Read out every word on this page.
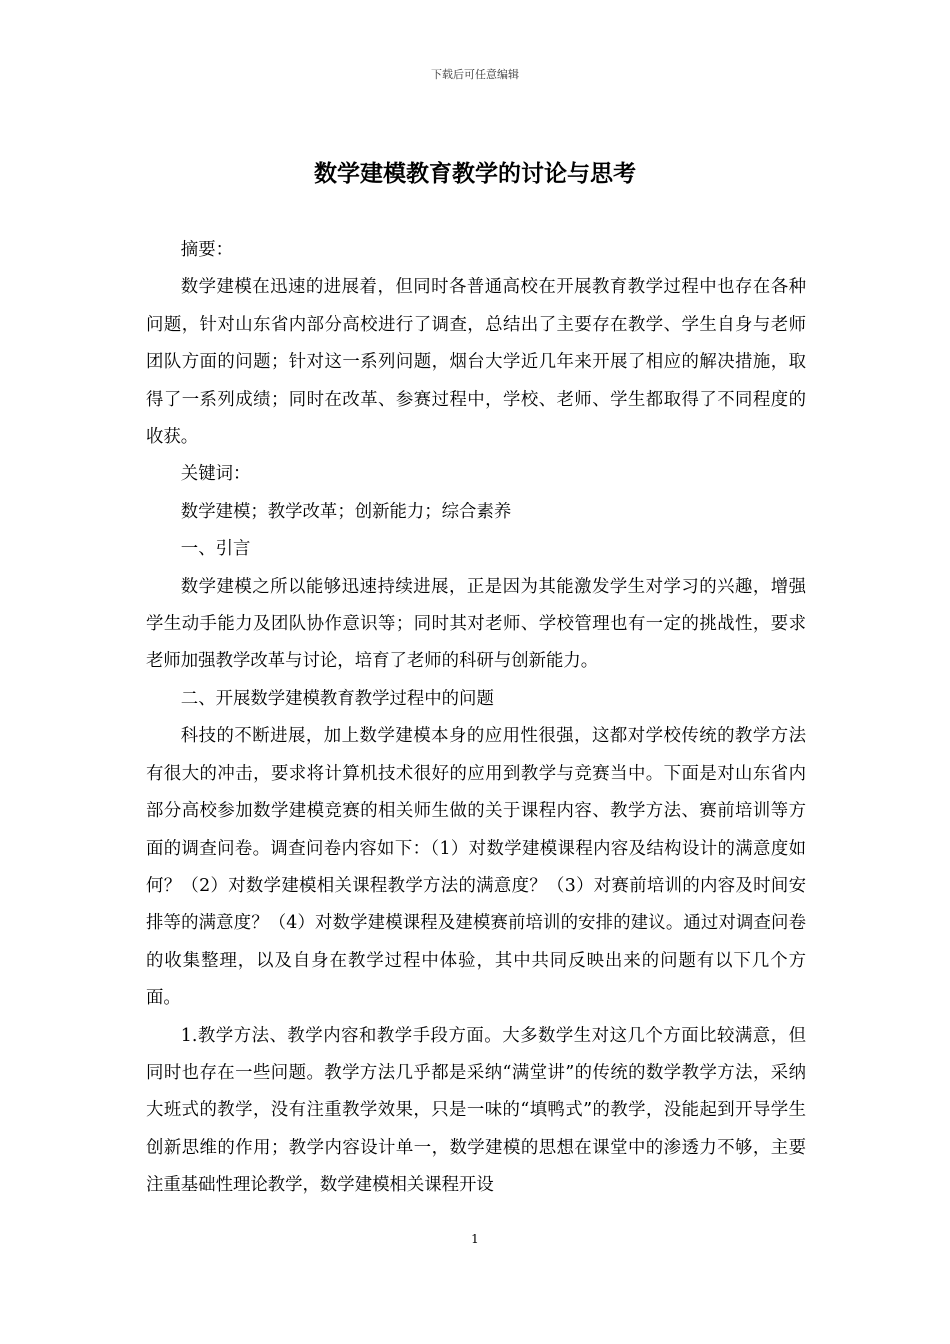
下载后可任意编辑
数学建模教育教学的讨论与思考

摘要：

数学建模在迅速的进展着，但同时各普通高校在开展教育教学过程中也存在各种问题，针对山东省内部分高校进行了调查，总结出了主要存在教学、学生自身与老师团队方面的问题；针对这一系列问题，烟台大学近几年来开展了相应的解决措施，取得了一系列成绩；同时在改革、参赛过程中，学校、老师、学生都取得了不同程度的收获。

关键词：

数学建模；教学改革；创新能力；综合素养

一、引言

数学建模之所以能够迅速持续进展，正是因为其能激发学生对学习的兴趣，增强学生动手能力及团队协作意识等；同时其对老师、学校管理也有一定的挑战性，要求老师加强教学改革与讨论，培育了老师的科研与创新能力。

二、开展数学建模教育教学过程中的问题

科技的不断进展，加上数学建模本身的应用性很强，这都对学校传统的教学方法有很大的冲击，要求将计算机技术很好的应用到教学与竞赛当中。下面是对山东省内部分高校参加数学建模竞赛的相关师生做的关于课程内容、教学方法、赛前培训等方面的调查问卷。调查问卷内容如下：（1）对数学建模课程内容及结构设计的满意度如何？（2）对数学建模相关课程教学方法的满意度？（3）对赛前培训的内容及时间安排等的满意度？（4）对数学建模课程及建模赛前培训的安排的建议。通过对调查问卷的收集整理，以及自身在教学过程中体验，其中共同反映出来的问题有以下几个方面。

1.教学方法、教学内容和教学手段方面。大多数学生对这几个方面比较满意，但同时也存在一些问题。教学方法几乎都是采纳“满堂讲”的传统的数学教学方法，采纳大班式的教学，没有注重教学效果，只是一味的“填鸭式”的教学，没能起到开导学生创新思维的作用；教学内容设计单一，数学建模的思想在课堂中的渗透力不够，主要注重基础性理论教学，数学建模相关课程开设

1
